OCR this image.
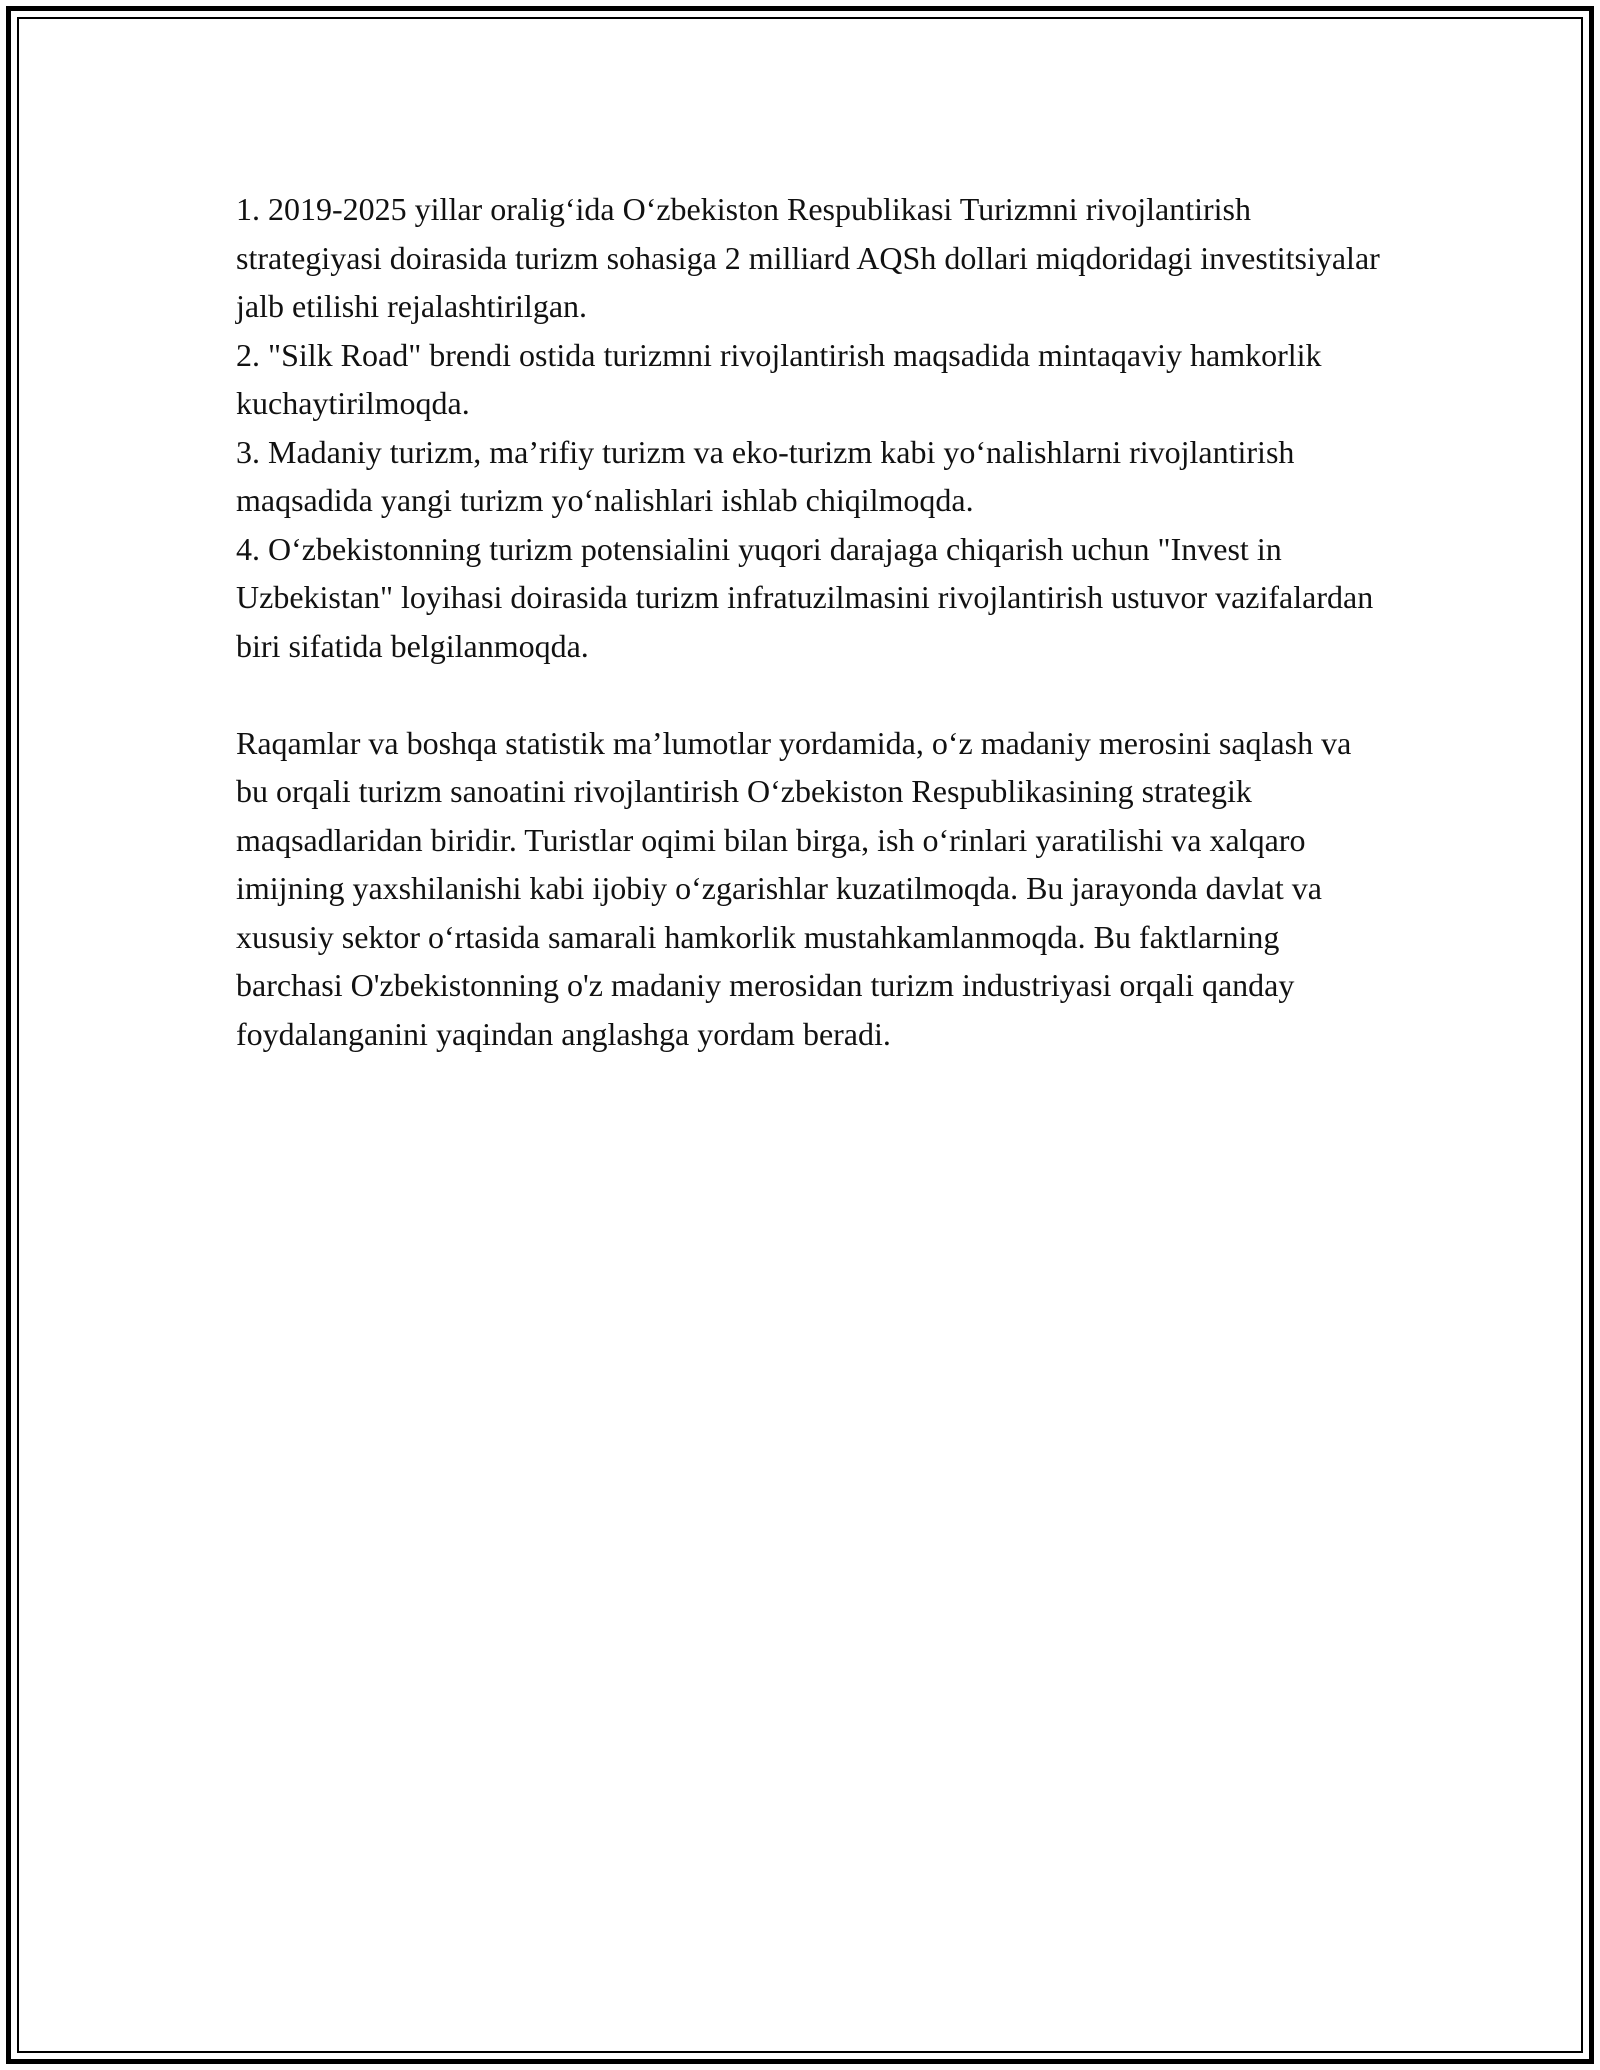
1. 2019-2025 yillar oralig‘ida O‘zbekiston Respublikasi Turizmni rivojlantirish strategiyasi doirasida turizm sohasiga 2 milliard AQSh dollari miqdoridagi investitsiyalar jalb etilishi rejalashtirilgan.

2. "Silk Road" brendi ostida turizmni rivojlantirish maqsadida mintaqaviy hamkorlik kuchaytirilmoqda.

3. Madaniy turizm, ma’rifiy turizm va eko-turizm kabi yo‘nalishlarni rivojlantirish maqsadida yangi turizm yo‘nalishlari ishlab chiqilmoqda.

4. O‘zbekistonning turizm potensialini yuqori darajaga chiqarish uchun "Invest in Uzbekistan" loyihasi doirasida turizm infratuzilmasini rivojlantirish ustuvor vazifalardan biri sifatida belgilanmoqda.

Raqamlar va boshqa statistik ma’lumotlar yordamida, o‘z madaniy merosini saqlash va bu orqali turizm sanoatini rivojlantirish O‘zbekiston Respublikasining strategik maqsadlaridan biridir. Turistlar oqimi bilan birga, ish o‘rinlari yaratilishi va xalqaro imijning yaxshilanishi kabi ijobiy o‘zgarishlar kuzatilmoqda. Bu jarayonda davlat va xususiy sektor o‘rtasida samarali hamkorlik mustahkamlanmoqda. Bu faktlarning barchasi O'zbekistonning o'z madaniy merosidan turizm industriyasi orqali qanday foydalanganini yaqindan anglashga yordam beradi.
